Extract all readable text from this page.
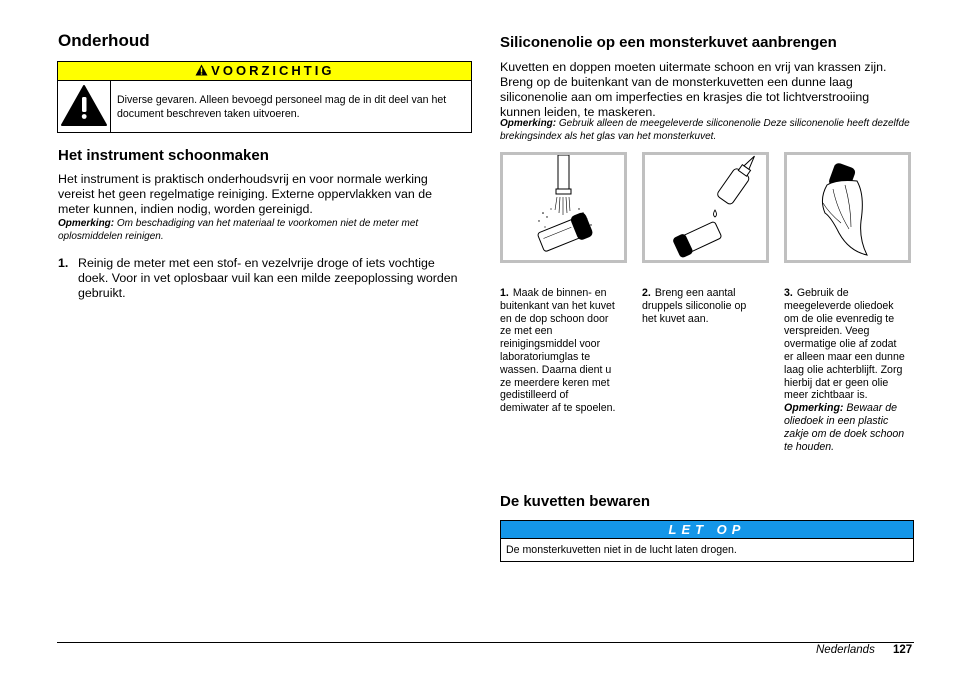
Onderhoud
VOORZICHTIG
Diverse gevaren. Alleen bevoegd personeel mag de in dit deel van het document beschreven taken uitvoeren.
Het instrument schoonmaken

Het instrument is praktisch onderhoudsvrij en voor normale werking vereist het geen regelmatige reiniging. Externe oppervlakken van de meter kunnen, indien nodig, worden gereinigd.

Opmerking: Om beschadiging van het materiaal te voorkomen niet de meter met oplosmiddelen reinigen.

1. Reinig de meter met een stof- en vezelvrije droge of iets vochtige doek. Voor in vet oplosbaar vuil kan een milde zeepoplossing worden gebruikt.

Siliconenolie op een monsterkuvet aanbrengen

Kuvetten en doppen moeten uitermate schoon en vrij van krassen zijn. Breng op de buitenkant van de monsterkuvetten een dunne laag siliconenolie aan om imperfecties en krasjes die tot lichtverstrooiing kunnen leiden, te maskeren.

Opmerking: Gebruik alleen de meegeleverde siliconenolie Deze siliconenolie heeft dezelfde brekingsindex als het glas van het monsterkuvet.

1. Maak de binnen- en buitenkant van het kuvet en de dop schoon door ze met een reinigingsmiddel voor laboratoriumglas te wassen. Daarna dient u ze meerdere keren met gedistilleerd of demiwater af te spoelen.
2. Breng een aantal druppels siliconolie op het kuvet aan.
3. Gebruik de meegeleverde oliedoek om de olie evenredig te verspreiden. Veeg overmatige olie af zodat er alleen maar een dunne laag olie achterblijft. Zorg hierbij dat er geen olie meer zichtbaar is.
Opmerking: Bewaar de oliedoek in een plastic zakje om de doek schoon te houden.
De kuvetten bewaren
LET OP
De monsterkuvetten niet in de lucht laten drogen.
Nederlands 127
